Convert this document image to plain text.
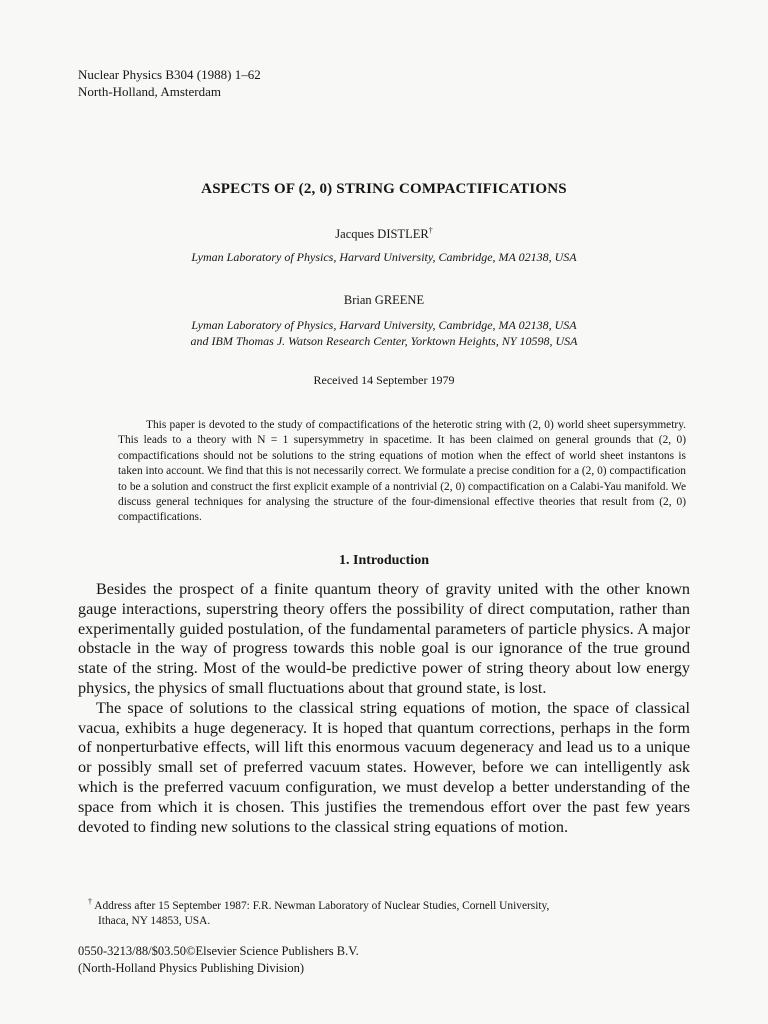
Nuclear Physics B304 (1988) 1–62
North-Holland, Amsterdam
ASPECTS OF (2, 0) STRING COMPACTIFICATIONS
Jacques DISTLER†
Lyman Laboratory of Physics, Harvard University, Cambridge, MA 02138, USA
Brian GREENE
Lyman Laboratory of Physics, Harvard University, Cambridge, MA 02138, USA
and IBM Thomas J. Watson Research Center, Yorktown Heights, NY 10598, USA
Received 14 September 1979

This paper is devoted to the study of compactifications of the heterotic string with (2, 0) world sheet supersymmetry. This leads to a theory with N = 1 supersymmetry in spacetime. It has been claimed on general grounds that (2, 0) compactifications should not be solutions to the string equations of motion when the effect of world sheet instantons is taken into account. We find that this is not necessarily correct. We formulate a precise condition for a (2, 0) compactification to be a solution and construct the first explicit example of a nontrivial (2, 0) compactification on a Calabi-Yau manifold. We discuss general techniques for analysing the structure of the four-dimensional effective theories that result from (2, 0) compactifications.

1. Introduction

Besides the prospect of a finite quantum theory of gravity united with the other known gauge interactions, superstring theory offers the possibility of direct computation, rather than experimentally guided postulation, of the fundamental parameters of particle physics. A major obstacle in the way of progress towards this noble goal is our ignorance of the true ground state of the string. Most of the would-be predictive power of string theory about low energy physics, the physics of small fluctuations about that ground state, is lost.

The space of solutions to the classical string equations of motion, the space of classical vacua, exhibits a huge degeneracy. It is hoped that quantum corrections, perhaps in the form of nonperturbative effects, will lift this enormous vacuum degeneracy and lead us to a unique or possibly small set of preferred vacuum states. However, before we can intelligently ask which is the preferred vacuum configuration, we must develop a better understanding of the space from which it is chosen. This justifies the tremendous effort over the past few years devoted to finding new solutions to the classical string equations of motion.

† Address after 15 September 1987: F.R. Newman Laboratory of Nuclear Studies, Cornell University,
Ithaca, NY 14853, USA.
0550-3213/88/$03.50©Elsevier Science Publishers B.V.
(North-Holland Physics Publishing Division)
